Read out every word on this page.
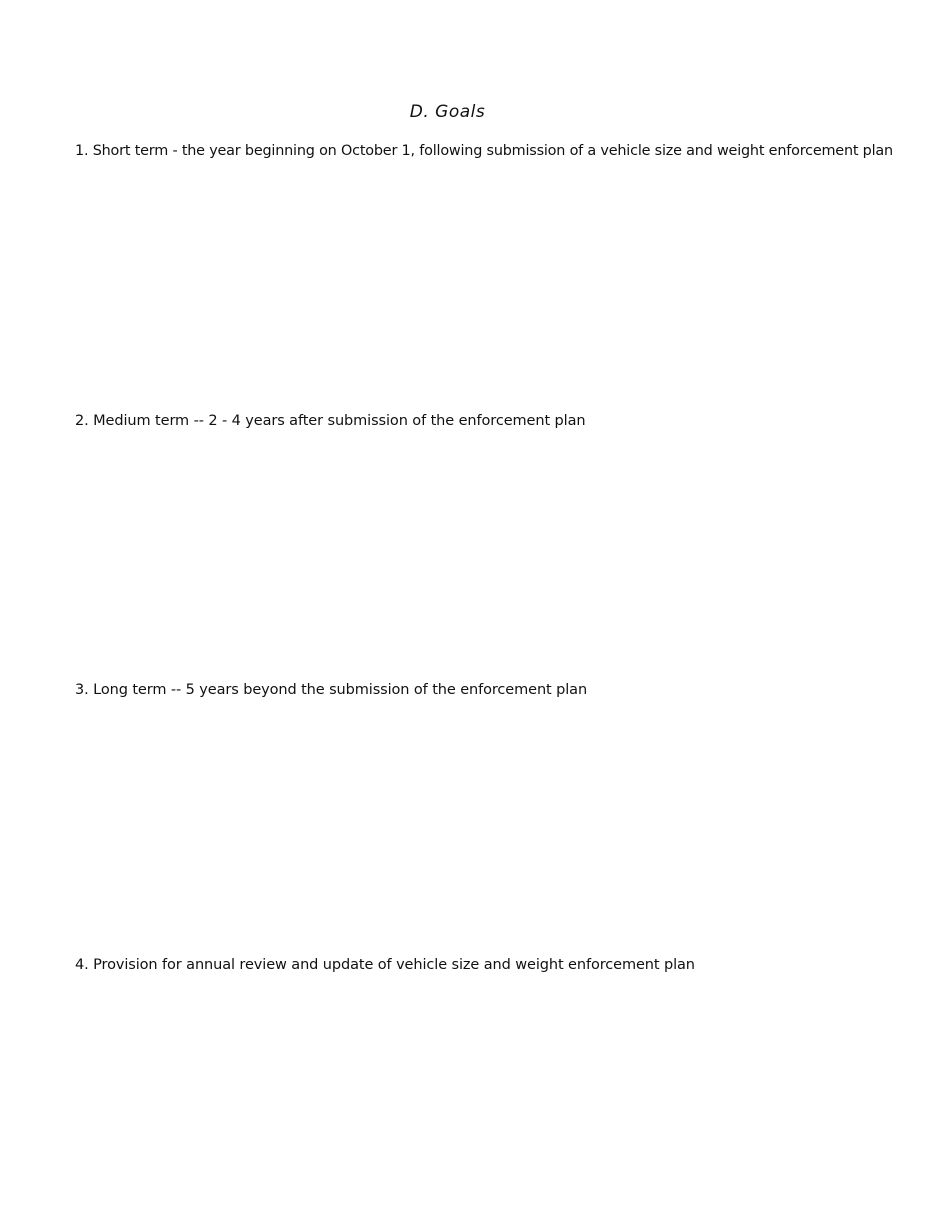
D. Goals
1. Short term - the year beginning on October 1, following submission of a vehicle size and weight enforcement plan
2. Medium term -- 2 - 4 years after submission of the enforcement plan
3. Long term -- 5 years beyond the submission of the enforcement plan
4. Provision for annual review and update of vehicle size and weight enforcement plan
